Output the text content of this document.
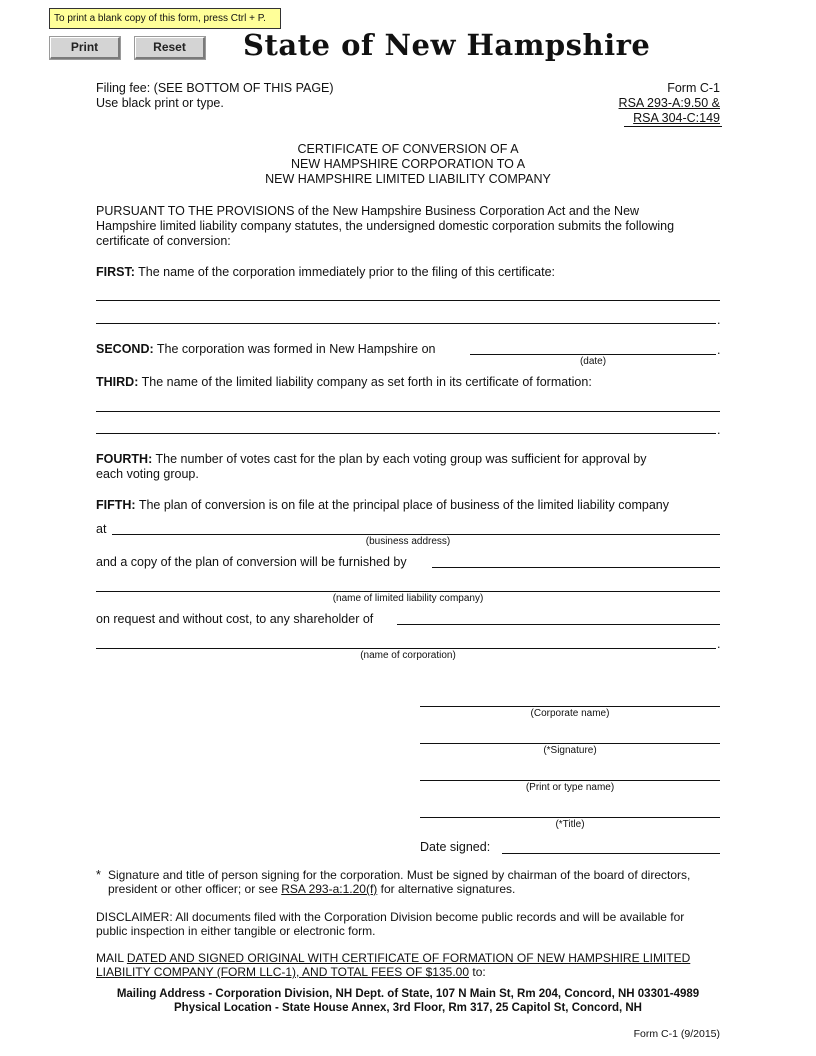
To print a blank copy of this form, press Ctrl + P.
Print	Reset	State of New Hampshire
Filing fee: (SEE BOTTOM OF THIS PAGE)
Use black print or type.
Form C-1
RSA 293-A:9.50 &
RSA 304-C:149
CERTIFICATE OF CONVERSION OF A
NEW HAMPSHIRE CORPORATION TO A
NEW HAMPSHIRE LIMITED LIABILITY COMPANY
PURSUANT TO THE PROVISIONS of the New Hampshire Business Corporation Act and the New
Hampshire limited liability company statutes, the undersigned domestic corporation submits the following
certificate of conversion:
FIRST: The name of the corporation immediately prior to the filing of this certificate:
.
SECOND: The corporation was formed in New Hampshire on	.
(date)
THIRD: The name of the limited liability company as set forth in its certificate of formation:
.
FOURTH: The number of votes cast for the plan by each voting group was sufficient for approval by
each voting group.
FIFTH: The plan of conversion is on file at the principal place of business of the limited liability company
at
(business address)
and a copy of the plan of conversion will be furnished by
(name of limited liability company)
on request and without cost, to any shareholder of
.
(name of corporation)
(Corporate name)
(*Signature)
(Print or type name)
(*Title)
Date signed:
* Signature and title of person signing for the corporation. Must be signed by chairman of the board of directors,
president or other officer; or see RSA 293-a:1.20(f) for alternative signatures.
DISCLAIMER: All documents filed with the Corporation Division become public records and will be available for
public inspection in either tangible or electronic form.
MAIL DATED AND SIGNED ORIGINAL WITH CERTIFICATE OF FORMATION OF NEW HAMPSHIRE LIMITED
LIABILITY COMPANY (FORM LLC-1), AND TOTAL FEES OF $135.00 to:
Mailing Address - Corporation Division, NH Dept. of State, 107 N Main St, Rm 204, Concord, NH 03301-4989
Physical Location - State House Annex, 3rd Floor, Rm 317, 25 Capitol St, Concord, NH
Form C-1 (9/2015)
